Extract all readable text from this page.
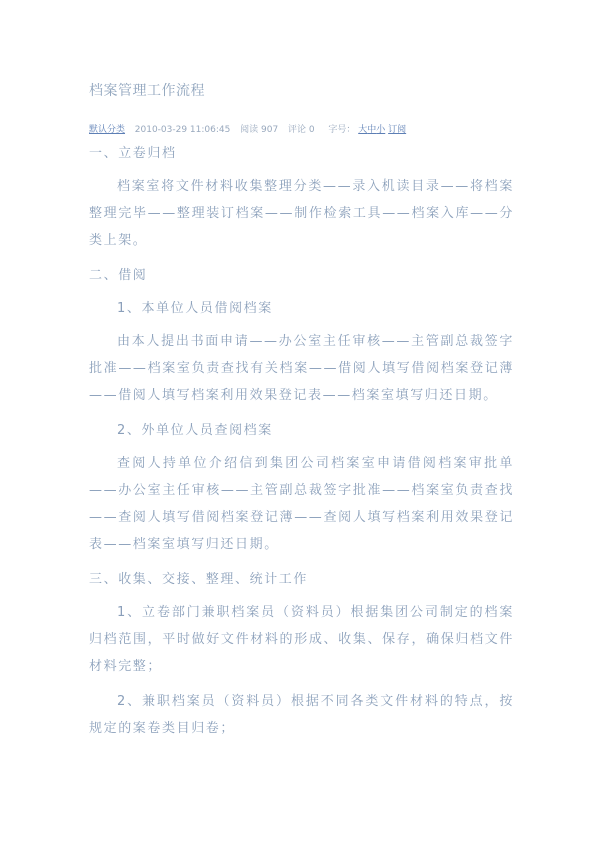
档案管理工作流程
默认分类 2010-03-29 11:06:45 阅读 907 评论 0 字号： 大中小 订阅

一、立卷归档

档案室将文件材料收集整理分类——录入机读目录——将档案整理完毕——整理装订档案——制作检索工具——档案入库——分类上架。

二、借阅

1、本单位人员借阅档案

由本人提出书面申请——办公室主任审核——主管副总裁签字批准——档案室负责查找有关档案——借阅人填写借阅档案登记薄——借阅人填写档案利用效果登记表——档案室填写归还日期。

2、外单位人员查阅档案

查阅人持单位介绍信到集团公司档案室申请借阅档案审批单——办公室主任审核——主管副总裁签字批准——档案室负责查找——查阅人填写借阅档案登记薄——查阅人填写档案利用效果登记表——档案室填写归还日期。

三、收集、交接、整理、统计工作

1、立卷部门兼职档案员（资料员）根据集团公司制定的档案归档范围，平时做好文件材料的形成、收集、保存，确保归档文件材料完整；

2、兼职档案员（资料员）根据不同各类文件材料的特点，按规定的案卷类目归卷；
